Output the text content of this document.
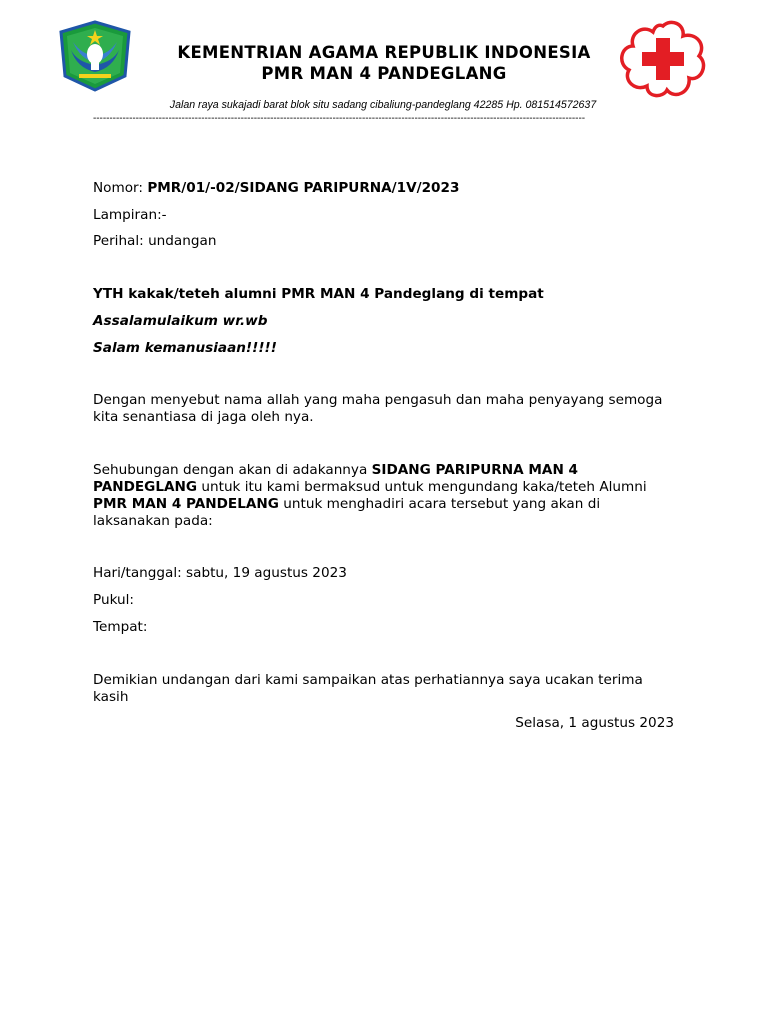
KEMENTRIAN AGAMA REPUBLIK INDONESIA
PMR MAN 4 PANDEGLANG
Jalan raya sukajadi barat blok situ sadang cibaliung-pandeglang 42285 Hp. 081514572637
------------------------------------------------------------------------------------------------------------------------------------------------------
Nomor: PMR/01/-02/SIDANG PARIPURNA/1V/2023
Lampiran:-
Perihal: undangan
YTH kakak/teteh alumni PMR MAN 4 Pandeglang di tempat
Assalamulaikum wr.wb
Salam kemanusiaan!!!!!
Dengan menyebut nama allah yang maha pengasuh dan maha penyayang semoga kita senantiasa di jaga oleh nya.
Sehubungan dengan akan di adakannya SIDANG PARIPURNA MAN 4 PANDEGLANG untuk itu kami bermaksud untuk mengundang kaka/teteh Alumni PMR MAN 4 PANDELANG untuk menghadiri acara tersebut yang akan di laksanakan pada:
Hari/tanggal: sabtu, 19 agustus 2023
Pukul:
Tempat:
Demikian undangan dari kami sampaikan atas perhatiannya saya ucakan terima kasih
Selasa, 1 agustus 2023
